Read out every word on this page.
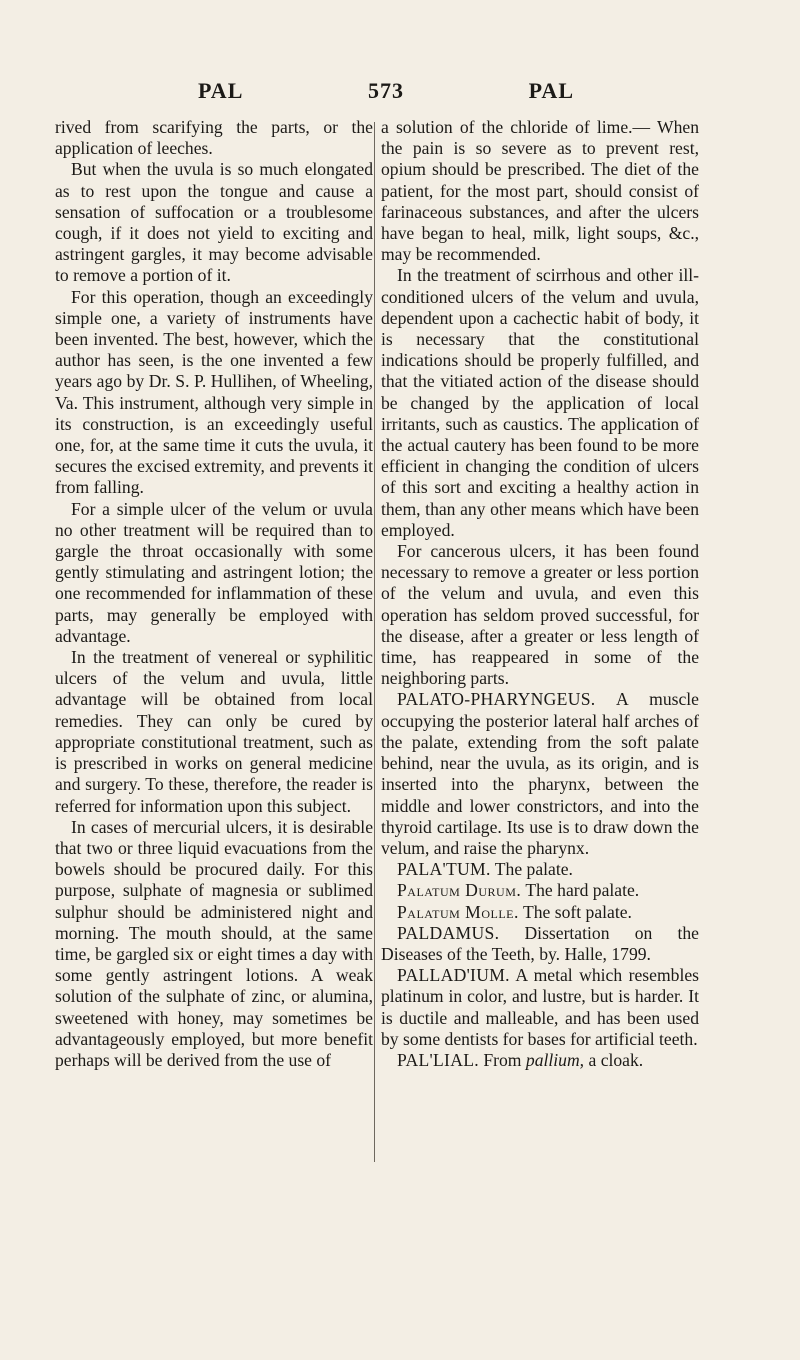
PAL	573	PAL

rived from scarifying the parts, or the application of leeches.

But when the uvula is so much elongated as to rest upon the tongue and cause a sensation of suffocation or a troublesome cough, if it does not yield to exciting and astringent gargles, it may become advisable to remove a portion of it.

For this operation, though an exceedingly simple one, a variety of instruments have been invented. The best, however, which the author has seen, is the one invented a few years ago by Dr. S. P. Hullihen, of Wheeling, Va. This instrument, although very simple in its construction, is an exceedingly useful one, for, at the same time it cuts the uvula, it secures the excised extremity, and prevents it from falling.

For a simple ulcer of the velum or uvula no other treatment will be required than to gargle the throat occasionally with some gently stimulating and astringent lotion; the one recommended for inflammation of these parts, may generally be employed with advantage.

In the treatment of venereal or syphilitic ulcers of the velum and uvula, little advantage will be obtained from local remedies. They can only be cured by appropriate constitutional treatment, such as is prescribed in works on general medicine and surgery. To these, therefore, the reader is referred for information upon this subject.

In cases of mercurial ulcers, it is desirable that two or three liquid evacuations from the bowels should be procured daily. For this purpose, sulphate of magnesia or sublimed sulphur should be administered night and morning. The mouth should, at the same time, be gargled six or eight times a day with some gently astringent lotions. A weak solution of the sulphate of zinc, or alumina, sweetened with honey, may sometimes be advantageously employed, but more benefit perhaps will be derived from the use of

a solution of the chloride of lime.— When the pain is so severe as to prevent rest, opium should be prescribed. The diet of the patient, for the most part, should consist of farinaceous substances, and after the ulcers have began to heal, milk, light soups, &c., may be recommended.

In the treatment of scirrhous and other ill-conditioned ulcers of the velum and uvula, dependent upon a cachectic habit of body, it is necessary that the constitutional indications should be properly fulfilled, and that the vitiated action of the disease should be changed by the application of local irritants, such as caustics. The application of the actual cautery has been found to be more efficient in changing the condition of ulcers of this sort and exciting a healthy action in them, than any other means which have been employed.

For cancerous ulcers, it has been found necessary to remove a greater or less portion of the velum and uvula, and even this operation has seldom proved successful, for the disease, after a greater or less length of time, has reappeared in some of the neighboring parts.

PALATO-PHARYNGEUS. A muscle occupying the posterior lateral half arches of the palate, extending from the soft palate behind, near the uvula, as its origin, and is inserted into the pharynx, between the middle and lower constrictors, and into the thyroid cartilage. Its use is to draw down the velum, and raise the pharynx.

PALA'TUM. The palate.

Palatum Durum. The hard palate.

Palatum Molle. The soft palate.

PALDAMUS. Dissertation on the Diseases of the Teeth, by. Halle, 1799.

PALLAD'IUM. A metal which resembles platinum in color, and lustre, but is harder. It is ductile and malleable, and has been used by some dentists for bases for artificial teeth.

PAL'LIAL. From pallium, a cloak.
